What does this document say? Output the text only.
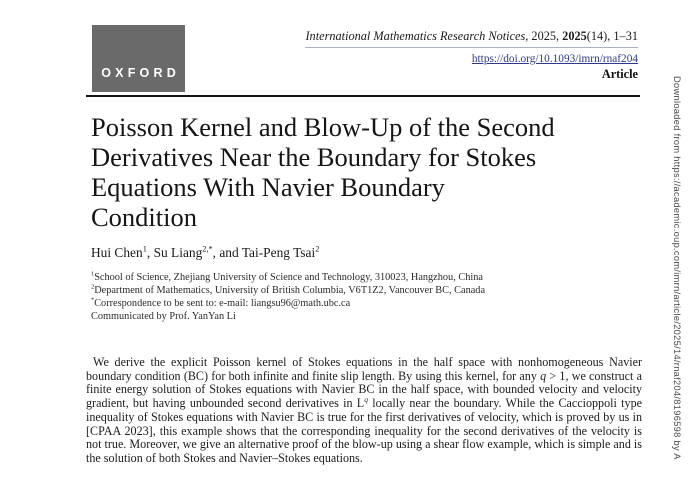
OXFORD
International Mathematics Research Notices, 2025, 2025(14), 1–31
https://doi.org/10.1093/imrn/rnaf204
Article
Poisson Kernel and Blow-Up of the Second
Derivatives Near the Boundary for Stokes
Equations With Navier Boundary
Condition
Hui Chen$^1$, Su Liang$^{2,*}$, and Tai-Peng Tsai$^2$
$^1$School of Science, Zhejiang University of Science and Technology, 310023, Hangzhou, China
$^2$Department of Mathematics, University of British Columbia, V6T1Z2, Vancouver BC, Canada
*Correspondence to be sent to: e-mail: liangsu96@math.ubc.ca
Communicated by Prof. YanYan Li

We derive the explicit Poisson kernel of Stokes equations in the half space with nonhomogeneous Navier boundary condition (BC) for both infinite and finite slip length. By using this kernel, for any q > 1, we construct a finite energy solution of Stokes equations with Navier BC in the half space, with bounded velocity and velocity gradient, but having unbounded second derivatives in $L^q$ locally near the boundary. While the Caccioppoli type inequality of Stokes equations with Navier BC is true for the first derivatives of velocity, which is proved by us in [CPAA 2023], this example shows that the corresponding inequality for the second derivatives of the velocity is not true. Moreover, we give an alternative proof of the blow-up using a shear flow example, which is simple and is the solution of both Stokes and Navier–Stokes equations.	Downloaded from https://academic.oup.com/imrn/article/2025/14/rnaf204/8196598 by A
